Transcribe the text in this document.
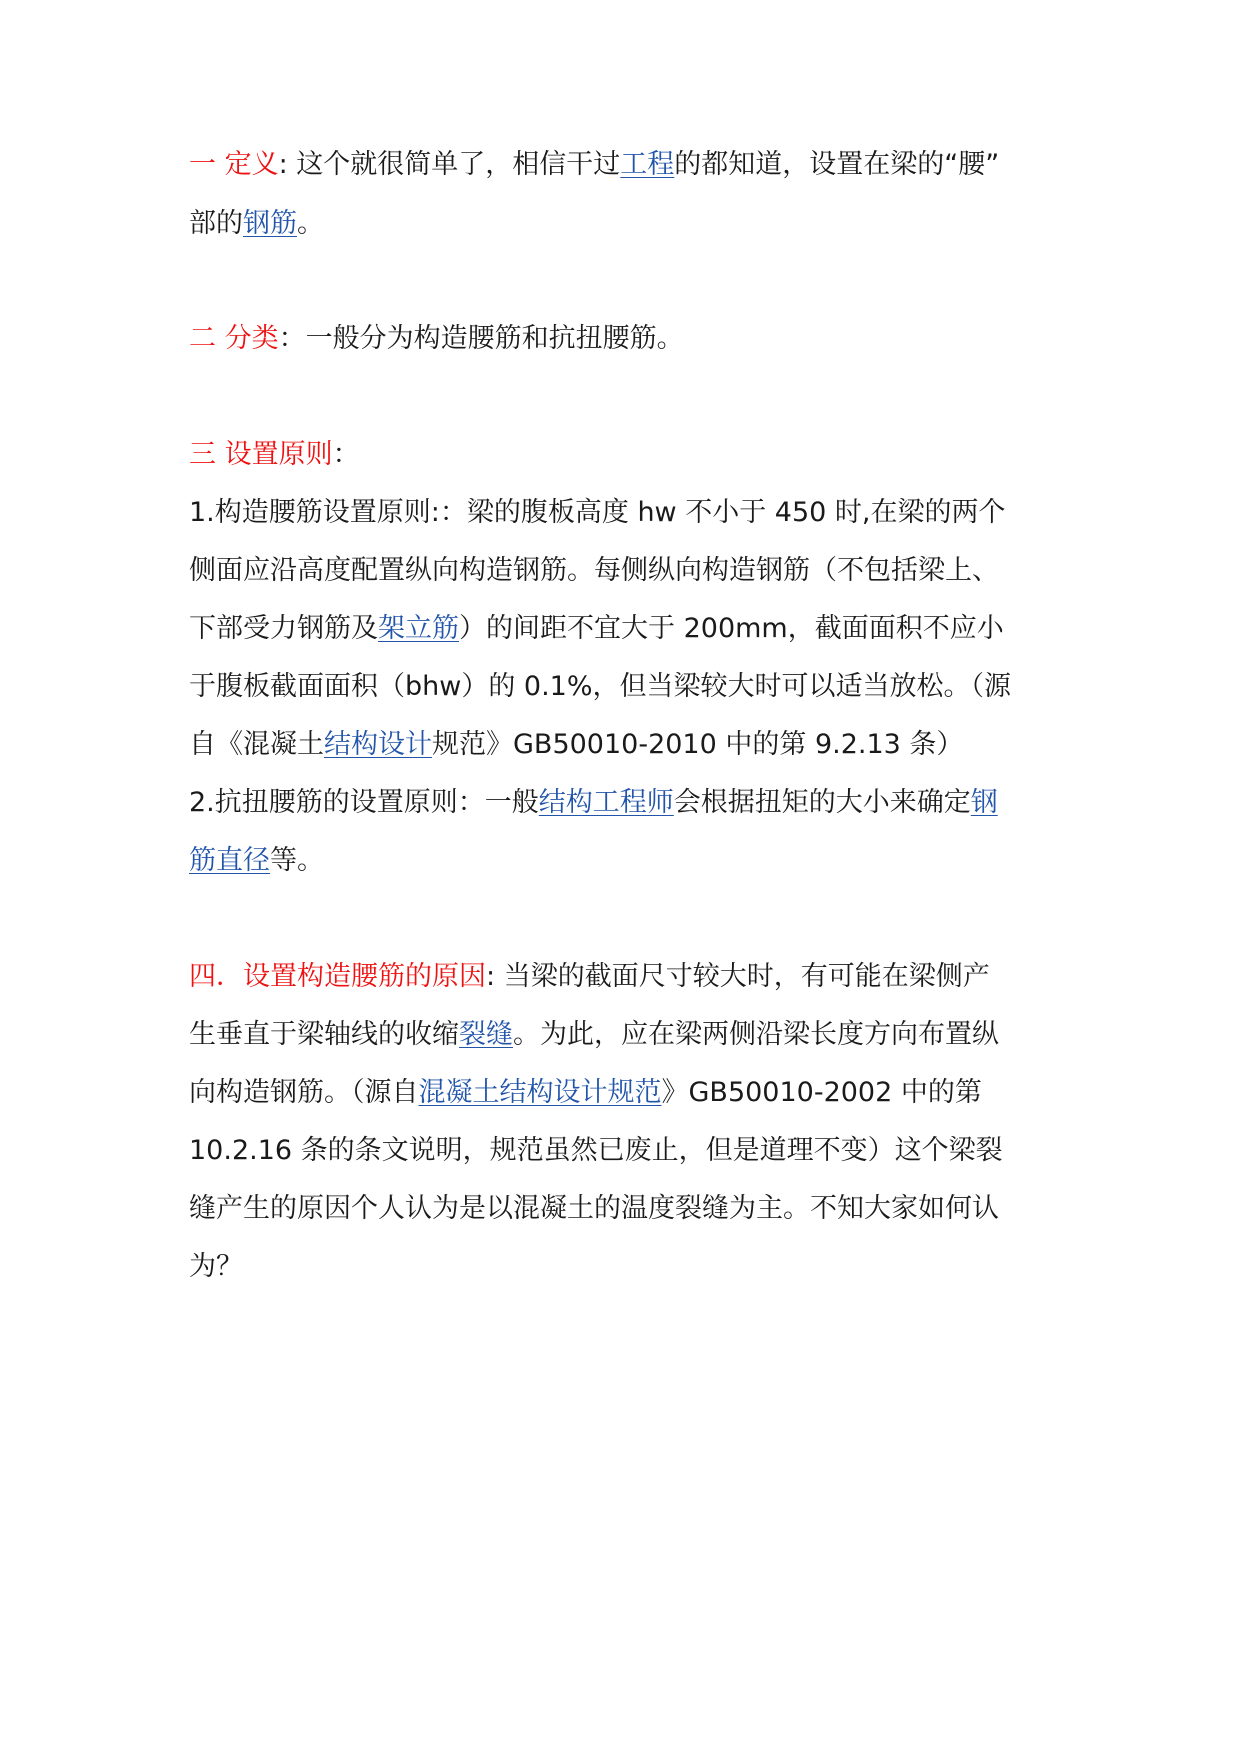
一 定义: 这个就很简单了，相信干过工程的都知道，设置在梁的“腰”
部的钢筋。
二 分类：一般分为构造腰筋和抗扭腰筋。
三 设置原则：
1.构造腰筋设置原则:：梁的腹板高度 hw 不小于 450 时,在梁的两个
侧面应沿高度配置纵向构造钢筋。每侧纵向构造钢筋（不包括梁上、
下部受力钢筋及架立筋）的间距不宜大于 200mm，截面面积不应小
于腹板截面面积（bhw）的 0.1%，但当梁较大时可以适当放松。（源
自《混凝土结构设计规范》GB50010-2010 中的第 9.2.13 条）
2.抗扭腰筋的设置原则：一般结构工程师会根据扭矩的大小来确定钢
筋直径等。
四．设置构造腰筋的原因: 当梁的截面尺寸较大时，有可能在梁侧产
生垂直于梁轴线的收缩裂缝。为此，应在梁两侧沿梁长度方向布置纵
向构造钢筋。（源自混凝土结构设计规范》GB50010-2002 中的第
10.2.16 条的条文说明，规范虽然已废止，但是道理不变）这个梁裂
缝产生的原因个人认为是以混凝土的温度裂缝为主。不知大家如何认
为？
